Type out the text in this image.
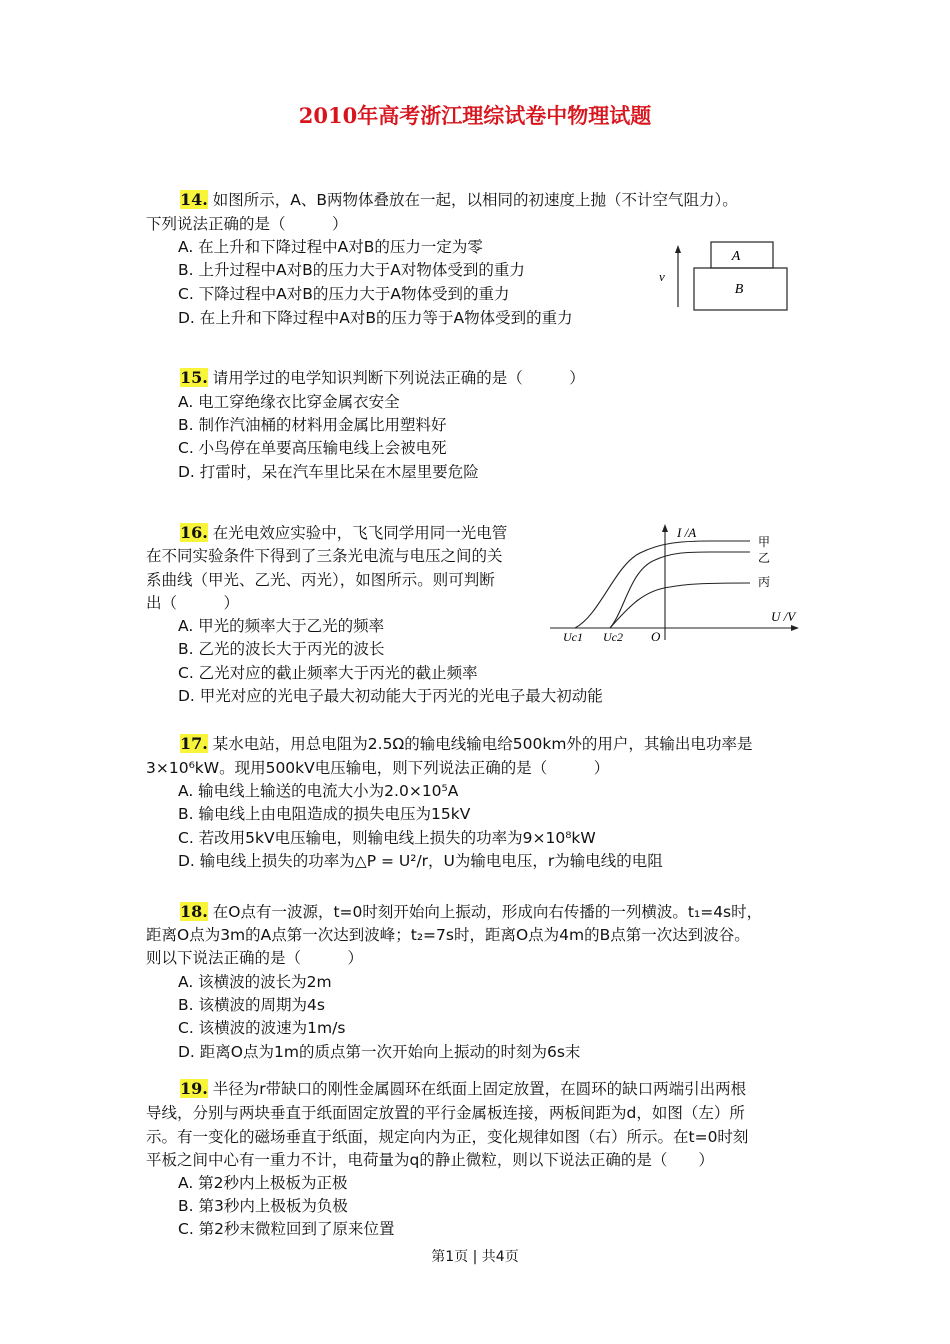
2010年高考浙江理综试卷中物理试题
14. 如图所示，A、B两物体叠放在一起，以相同的初速度上抛（不计空气阻力）。
下列说法正确的是（　　　）
A. 在上升和下降过程中A对B的压力一定为零
B. 上升过程中A对B的压力大于A对物体受到的重力
C. 下降过程中A对B的压力大于A物体受到的重力
D. 在上升和下降过程中A对B的压力等于A物体受到的重力
A
B
v
15. 请用学过的电学知识判断下列说法正确的是（　　　）
A. 电工穿绝缘衣比穿金属衣安全
B. 制作汽油桶的材料用金属比用塑料好
C. 小鸟停在单要高压输电线上会被电死
D. 打雷时，呆在汽车里比呆在木屋里要危险
16. 在光电效应实验中，飞飞同学用同一光电管
在不同实验条件下得到了三条光电流与电压之间的关
系曲线（甲光、乙光、丙光），如图所示。则可判断
出（　　　）
A. 甲光的频率大于乙光的频率
B. 乙光的波长大于丙光的波长
C. 乙光对应的截止频率大于丙光的截止频率
D. 甲光对应的光电子最大初动能大于丙光的光电子最大初动能
I /A
U /V
O
Uc1 Uc2
甲
乙
丙
17. 某水电站，用总电阻为2.5Ω的输电线输电给500km外的用户，其输出电功率是
3×10⁶kW。现用500kV电压输电，则下列说法正确的是（　　　）
A. 输电线上输送的电流大小为2.0×10⁵A
B. 输电线上由电阻造成的损失电压为15kV
C. 若改用5kV电压输电，则输电线上损失的功率为9×10⁸kW
D. 输电线上损失的功率为△P = U²/r，U为输电电压，r为输电线的电阻
18. 在O点有一波源，t=0时刻开始向上振动，形成向右传播的一列横波。t₁=4s时，
距离O点为3m的A点第一次达到波峰；t₂=7s时，距离O点为4m的B点第一次达到波谷。
则以下说法正确的是（　　　）
A. 该横波的波长为2m
B. 该横波的周期为4s
C. 该横波的波速为1m/s
D. 距离O点为1m的质点第一次开始向上振动的时刻为6s末
19. 半径为r带缺口的刚性金属圆环在纸面上固定放置，在圆环的缺口两端引出两根
导线，分别与两块垂直于纸面固定放置的平行金属板连接，两板间距为d，如图（左）所
示。有一变化的磁场垂直于纸面，规定向内为正，变化规律如图（右）所示。在t=0时刻
平板之间中心有一重力不计，电荷量为q的静止微粒，则以下说法正确的是（　　）
A. 第2秒内上极板为正极
B. 第3秒内上极板为负极
C. 第2秒末微粒回到了原来位置
第1页 | 共4页
